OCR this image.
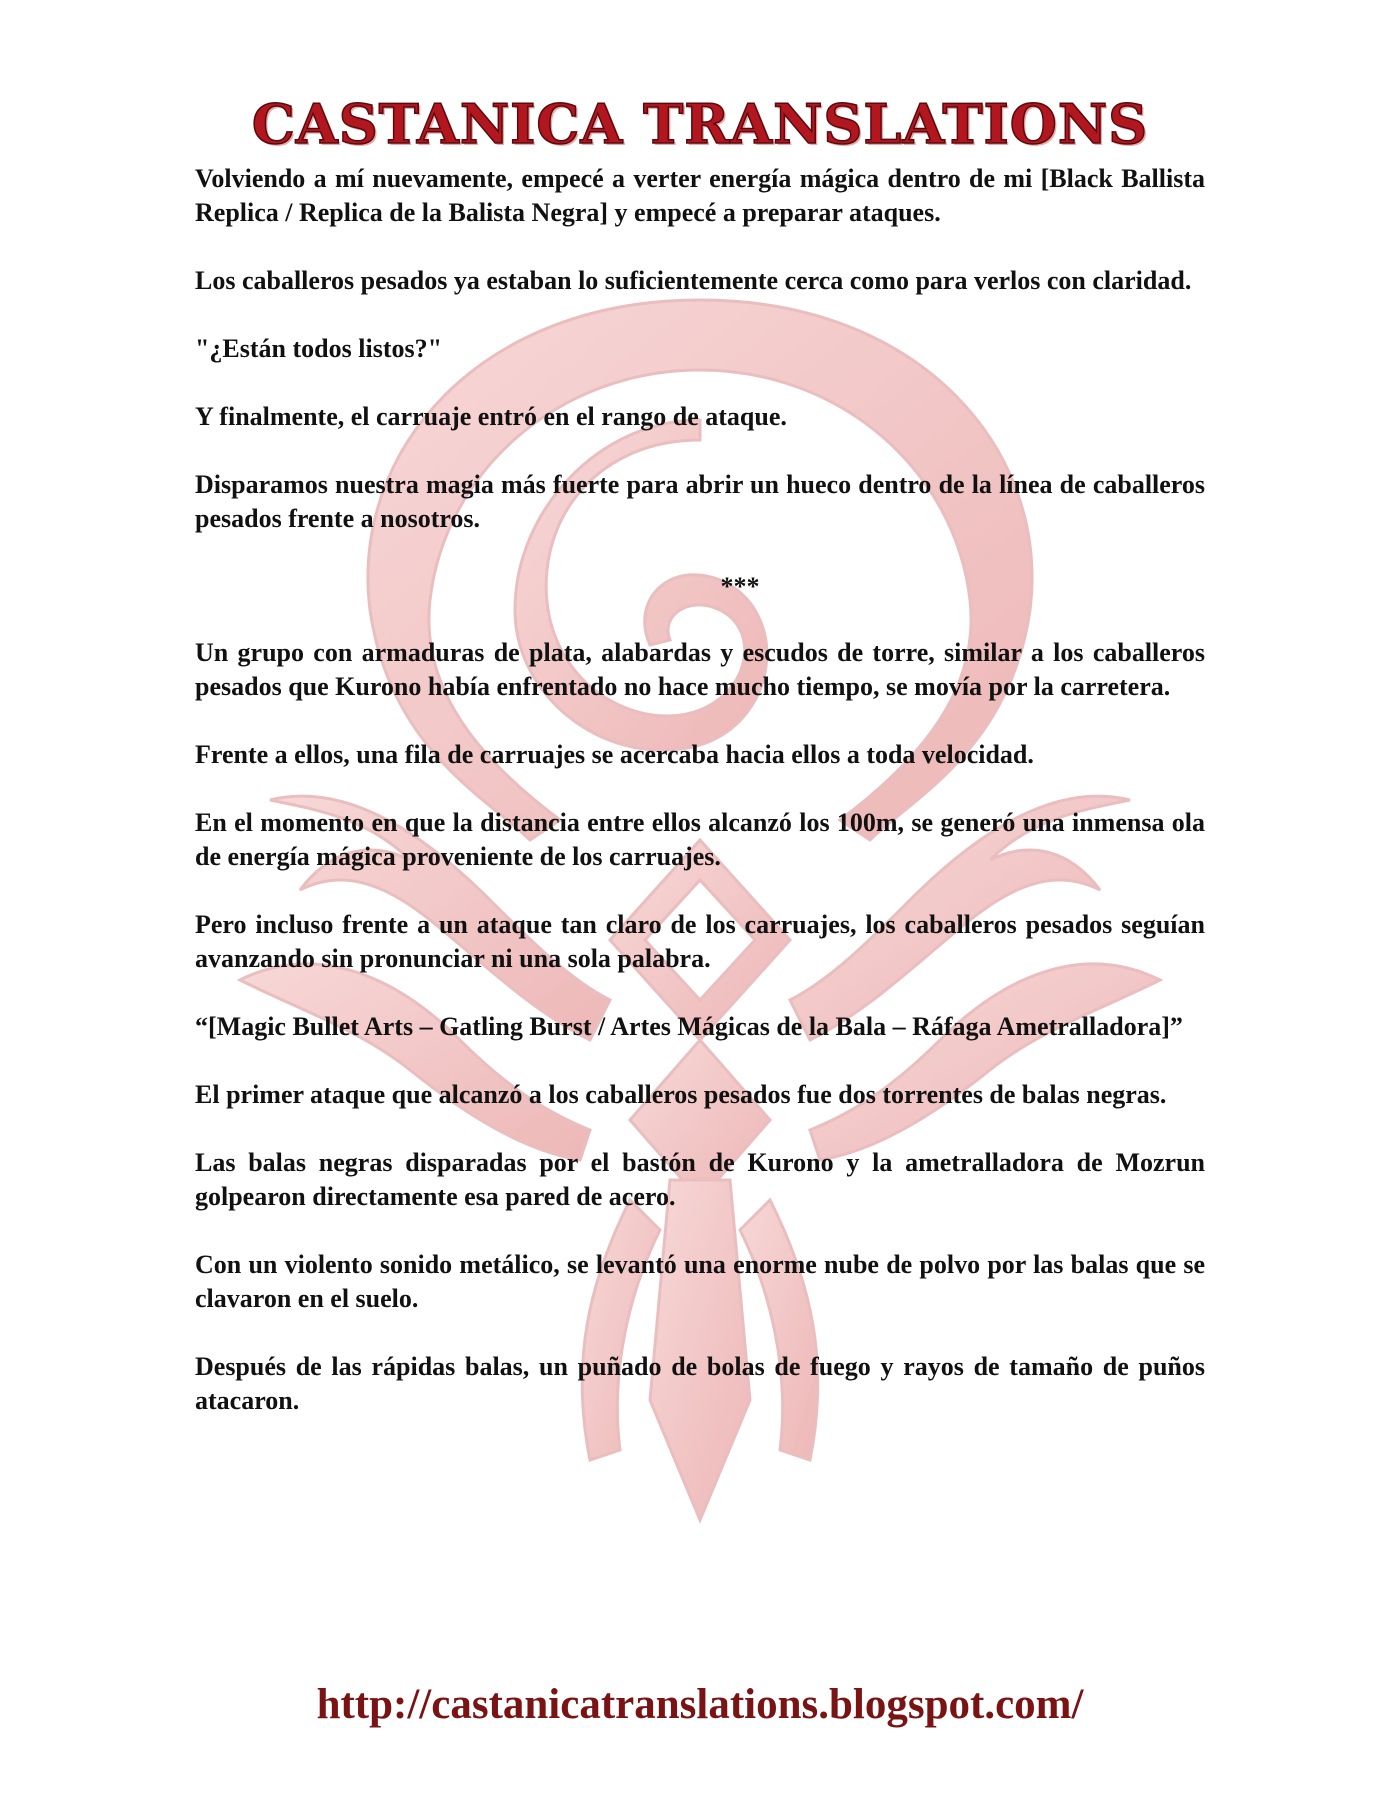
CASTANICA TRANSLATIONS

Volviendo a mí nuevamente, empecé a verter energía mágica dentro de mi [Black Ballista Replica / Replica de la Balista Negra] y empecé a preparar ataques.

Los caballeros pesados ya estaban lo suficientemente cerca como para verlos con claridad.

"¿Están todos listos?"

Y finalmente, el carruaje entró en el rango de ataque.

Disparamos nuestra magia más fuerte para abrir un hueco dentro de la línea de caballeros pesados frente a nosotros.

***

Un grupo con armaduras de plata, alabardas y escudos de torre, similar a los caballeros pesados que Kurono había enfrentado no hace mucho tiempo, se movía por la carretera.

Frente a ellos, una fila de carruajes se acercaba hacia ellos a toda velocidad.

En el momento en que la distancia entre ellos alcanzó los 100m, se generó una inmensa ola de energía mágica proveniente de los carruajes.

Pero incluso frente a un ataque tan claro de los carruajes, los caballeros pesados seguían avanzando sin pronunciar ni una sola palabra.

“[Magic Bullet Arts – Gatling Burst / Artes Mágicas de la Bala – Ráfaga Ametralladora]”

El primer ataque que alcanzó a los caballeros pesados fue dos torrentes de balas negras.

Las balas negras disparadas por el bastón de Kurono y la ametralladora de Mozrun golpearon directamente esa pared de acero.

Con un violento sonido metálico, se levantó una enorme nube de polvo por las balas que se clavaron en el suelo.

Después de las rápidas balas, un puñado de bolas de fuego y rayos de tamaño de puños atacaron.

http://castanicatranslations.blogspot.com/
